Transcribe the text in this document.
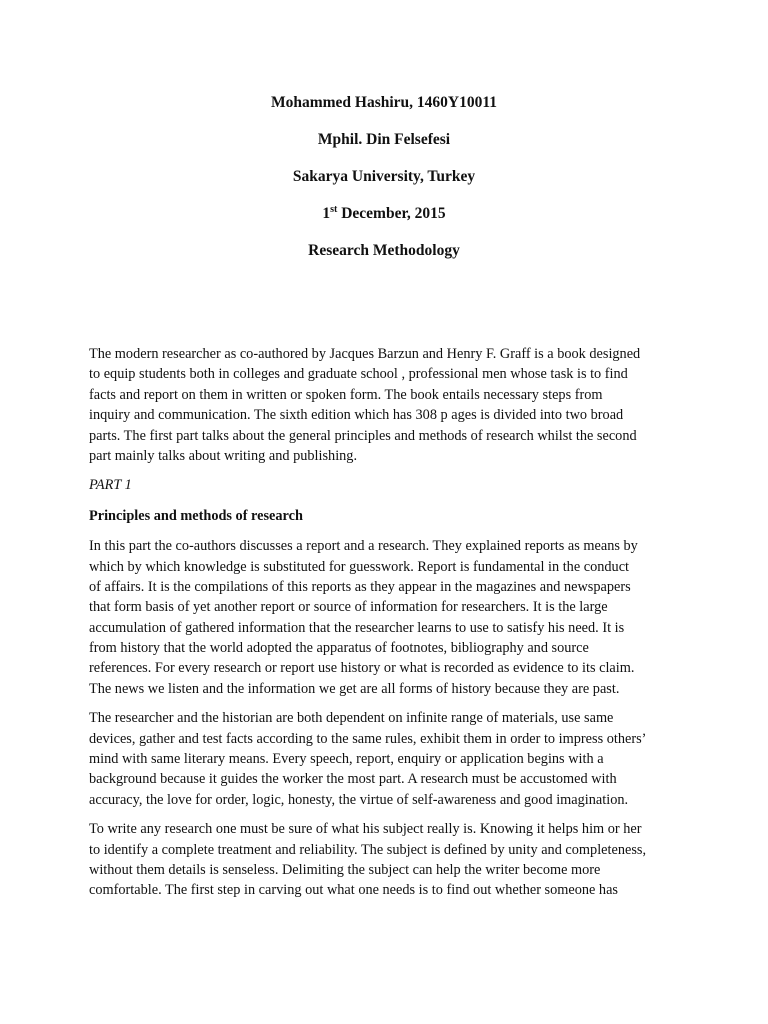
Mohammed Hashiru, 1460Y10011
Mphil. Din Felsefesi
Sakarya University, Turkey
1st December, 2015
Research Methodology
The modern researcher as co-authored by Jacques Barzun and Henry F. Graff is a book designed
to equip students both in colleges and graduate school , professional men whose task is to find
facts and report on them in written or spoken form. The book entails necessary steps from
inquiry and communication. The sixth edition which has 308 p ages is divided into two broad
parts. The first part talks about the general principles and methods of research whilst the second
part mainly talks about writing and publishing.
PART 1
Principles and methods of research
In this part the co-authors discusses a report and a research. They explained reports as means by
which by which knowledge is substituted for guesswork. Report is fundamental in the conduct
of affairs. It is the compilations of this reports as they appear in the magazines and newspapers
that form basis of yet another report or source of information for researchers. It is the large
accumulation of gathered information that the researcher learns to use to satisfy his need. It is
from history that the world adopted the apparatus of footnotes, bibliography and source
references. For every research or report use history or what is recorded as evidence to its claim.
The news we listen and the information we get are all forms of history because they are past.
The researcher and the historian are both dependent on infinite range of materials, use same
devices, gather and test facts according to the same rules, exhibit them in order to impress others’
mind with same literary means. Every speech, report, enquiry or application begins with a
background because it guides the worker the most part. A research must be accustomed with
accuracy, the love for order, logic, honesty, the virtue of self-awareness and good imagination.
To write any research one must be sure of what his subject really is. Knowing it helps him or her
to identify a complete treatment and reliability. The subject is defined by unity and completeness,
without them details is senseless. Delimiting the subject can help the writer become more
comfortable. The first step in carving out what one needs is to find out whether someone has
